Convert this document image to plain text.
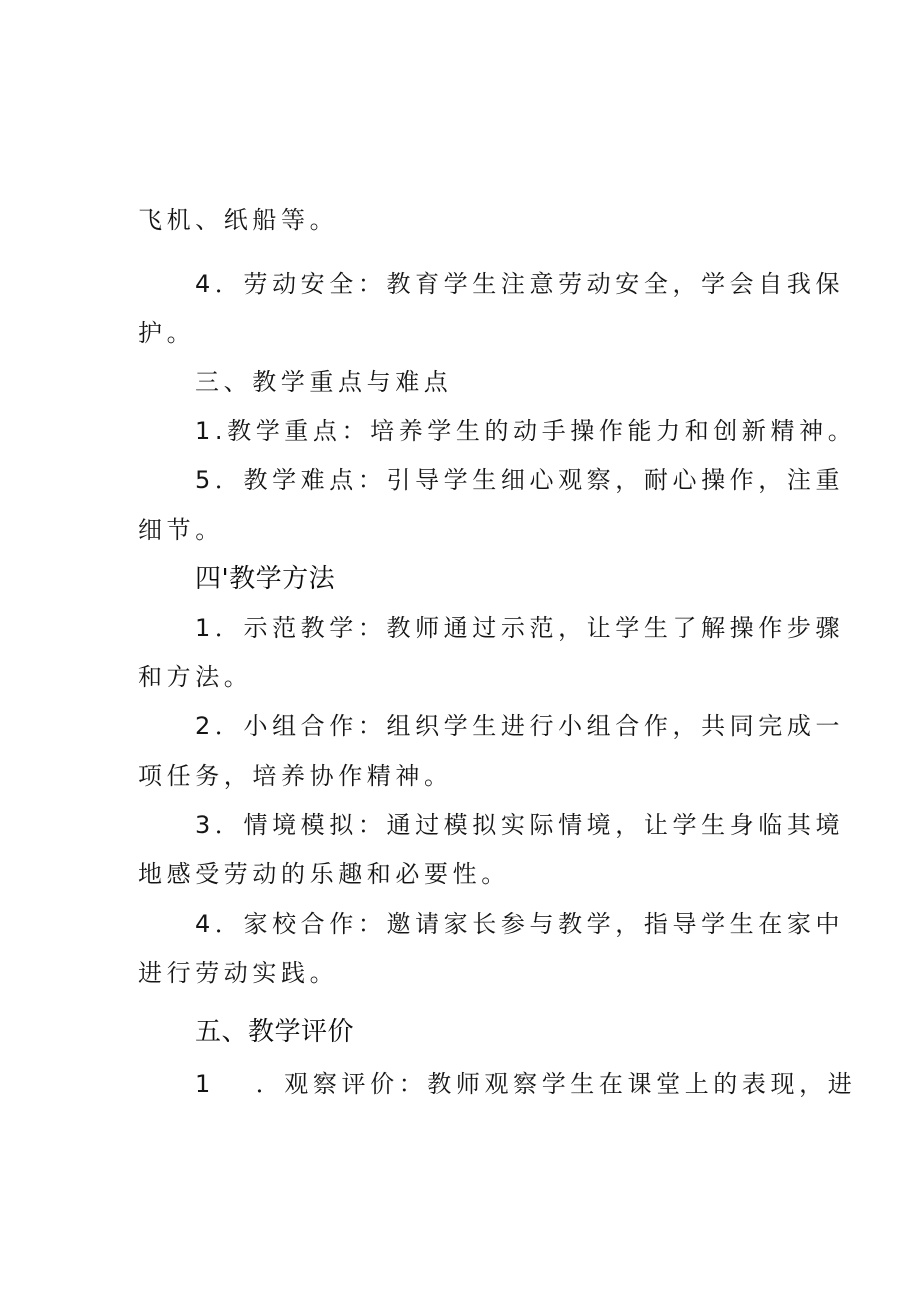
飞机、纸船等。
4．劳动安全：教育学生注意劳动安全，学会自我保
护。
三、教学重点与难点
1.教学重点：培养学生的动手操作能力和创新精神。
5．教学难点：引导学生细心观察，耐心操作，注重
细节。
四'教学方法
1．示范教学：教师通过示范，让学生了解操作步骤
和方法。
2．小组合作：组织学生进行小组合作，共同完成一
项任务，培养协作精神。
3．情境模拟：通过模拟实际情境，让学生身临其境
地感受劳动的乐趣和必要性。
4．家校合作：邀请家长参与教学，指导学生在家中
进行劳动实践。
五、教学评价
1　 ．观察评价：教师观察学生在课堂上的表现，进
